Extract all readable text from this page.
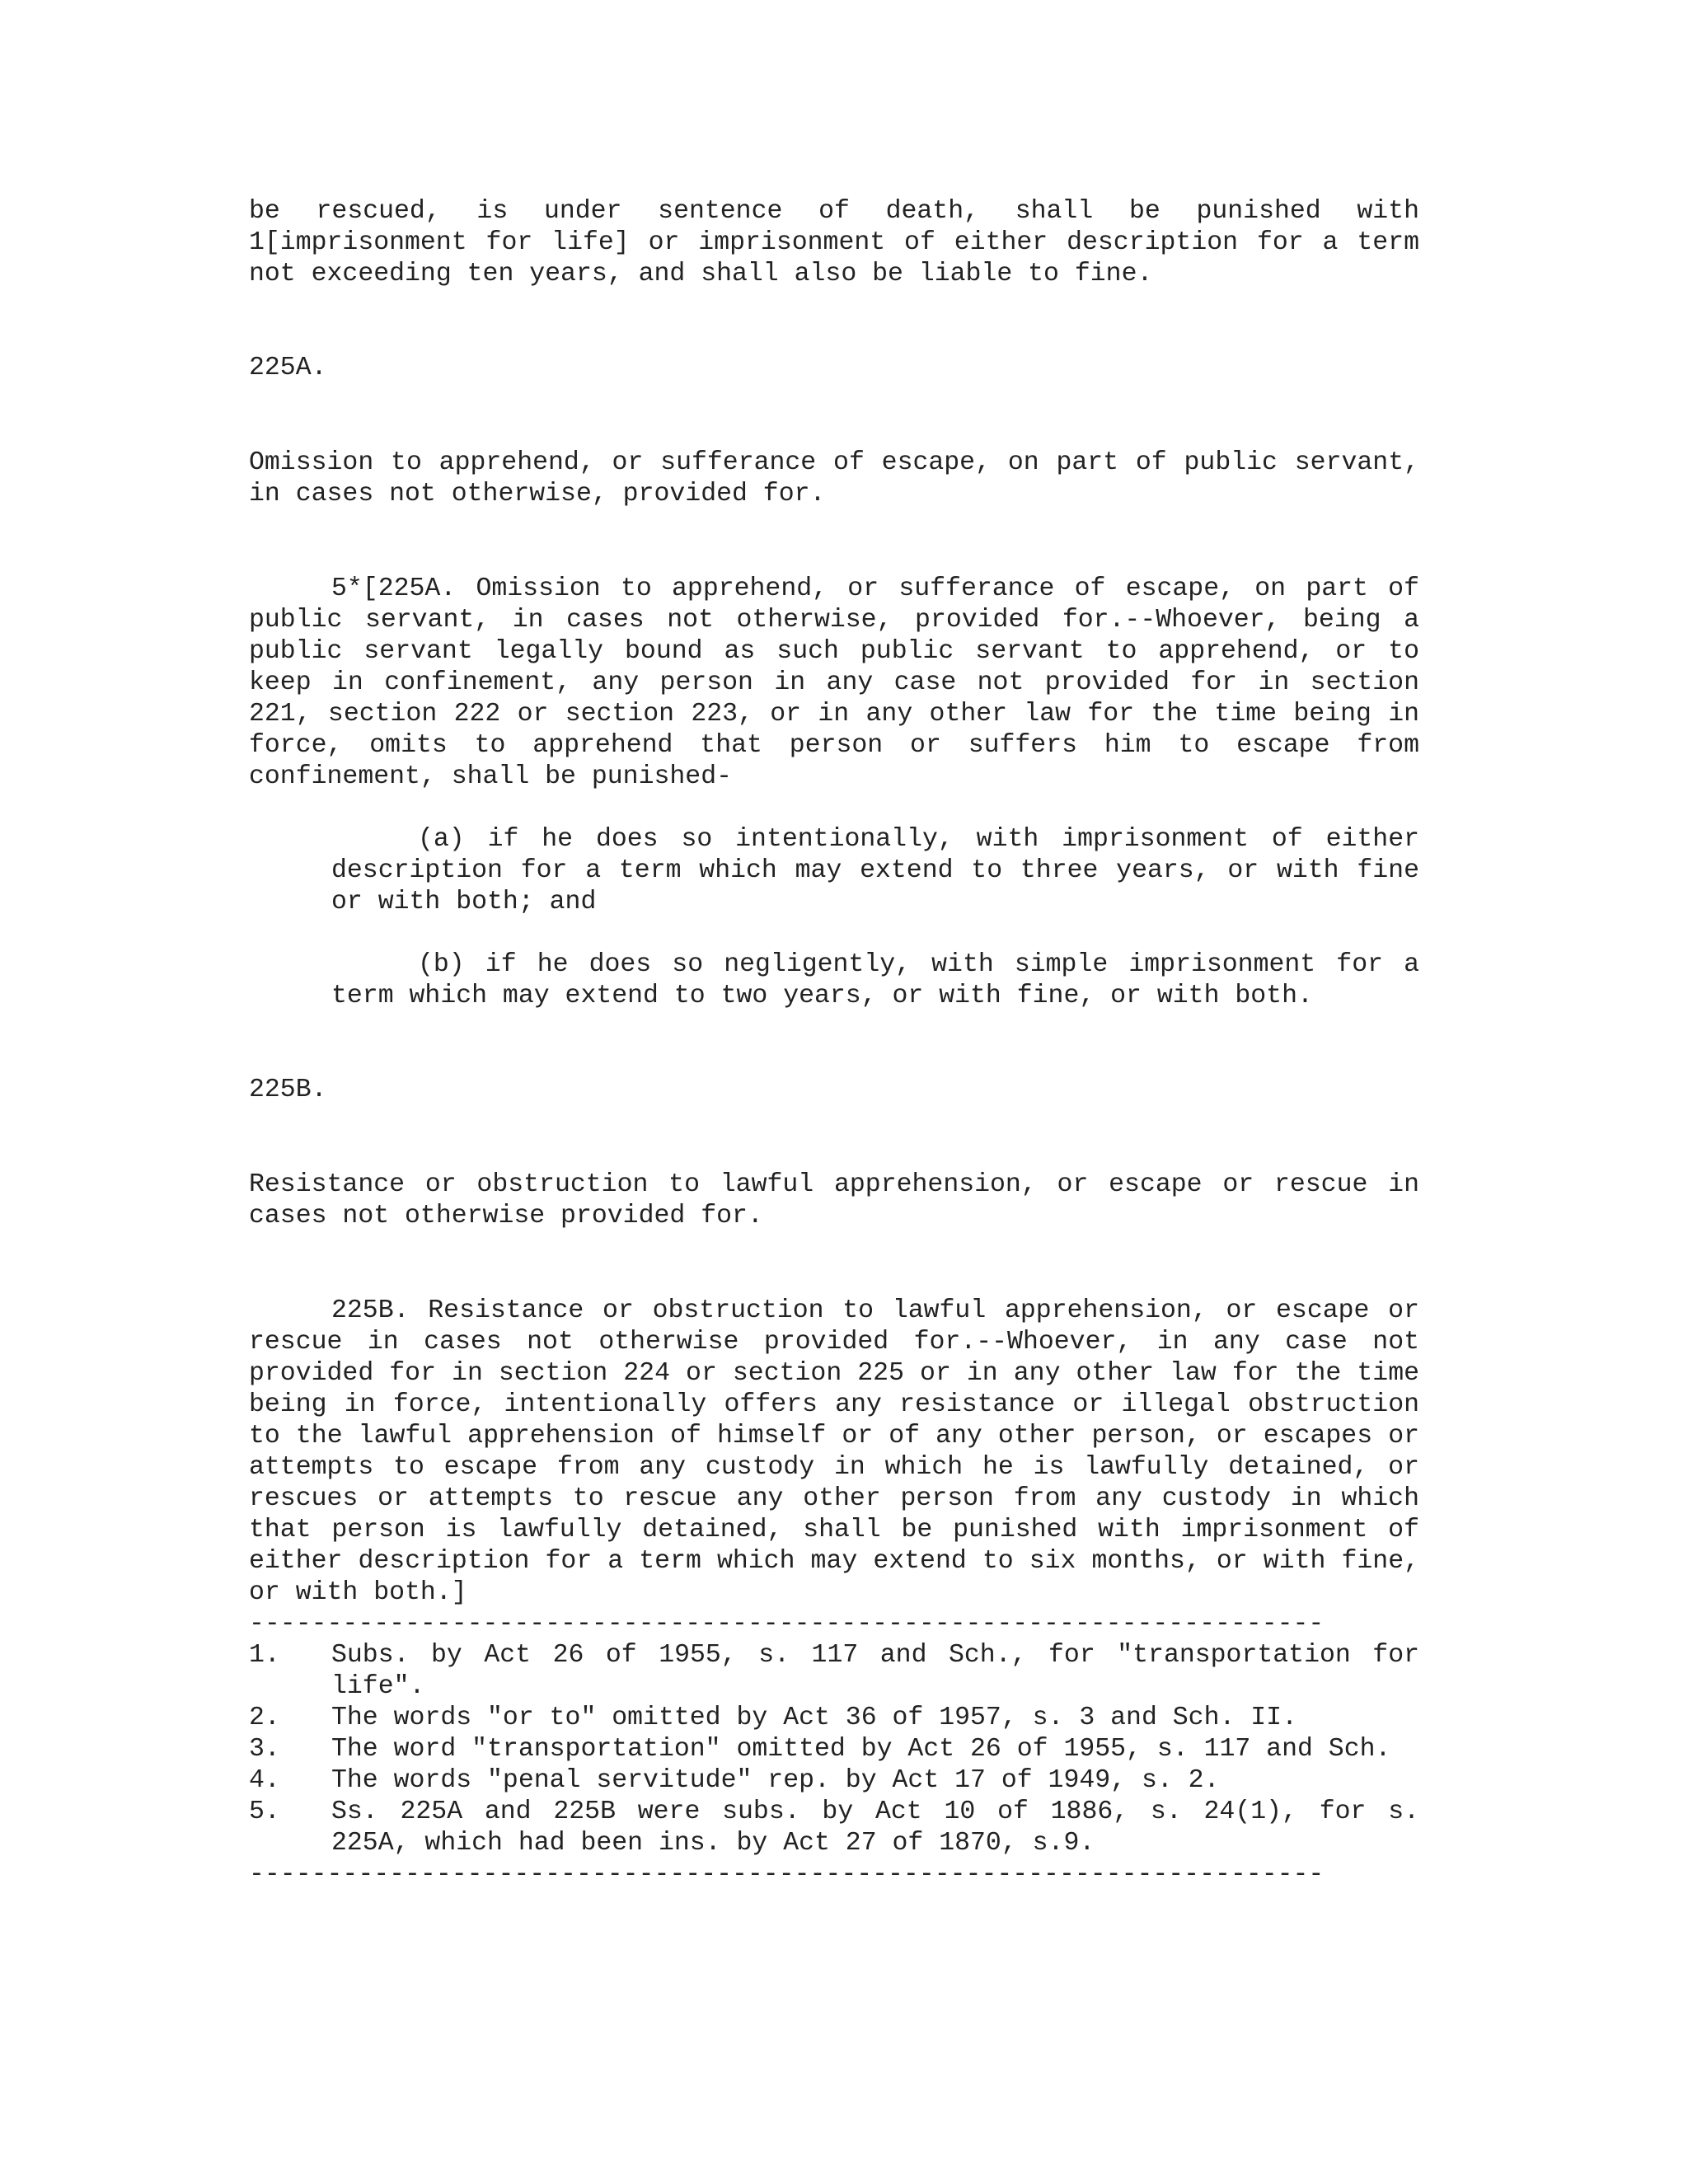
be rescued, is under sentence of death, shall be punished with 1[imprisonment for life] or imprisonment of either description for a term not exceeding ten years, and shall also be liable to fine.

225A.

Omission to apprehend, or sufferance of escape, on part of public servant, in cases not otherwise, provided for.

5*[225A. Omission to apprehend, or sufferance of escape, on part of public servant, in cases not otherwise, provided for.--Whoever, being a public servant legally bound as such public servant to apprehend, or to keep in confinement, any person in any case not provided for in section 221, section 222 or section 223, or in any other law for the time being in force, omits to apprehend that person or suffers him to escape from confinement, shall be punished-

(a) if he does so intentionally, with imprisonment of either description for a term which may extend to three years, or with fine or with both; and

(b) if he does so negligently, with simple imprisonment for a term which may extend to two years, or with fine, or with both.

225B.

Resistance or obstruction to lawful apprehension, or escape or rescue in cases not otherwise provided for.

225B. Resistance or obstruction to lawful apprehension, or escape or rescue in cases not otherwise provided for.--Whoever, in any case not provided for in section 224 or section 225 or in any other law for the time being in force, intentionally offers any resistance or illegal obstruction to the lawful apprehension of himself or of any other person, or escapes or attempts to escape from any custody in which he is lawfully detained, or rescues or attempts to rescue any other person from any custody in which that person is lawfully detained, shall be punished with imprisonment of either description for a term which may extend to six months, or with fine, or with both.]

---------------------------------------------------------------------
1.	Subs. by Act 26 of 1955, s. 117 and Sch., for "transportation for life".
2.	The words "or to" omitted by Act 36 of 1957, s. 3 and Sch. II.
3.	The word "transportation" omitted by Act 26 of 1955, s. 117 and Sch.
4.	The words "penal servitude" rep. by Act 17 of 1949, s. 2.
5.	Ss. 225A and 225B were subs. by Act 10 of 1886, s. 24(1), for s. 225A, which had been ins. by Act 27 of 1870, s.9.
---------------------------------------------------------------------
